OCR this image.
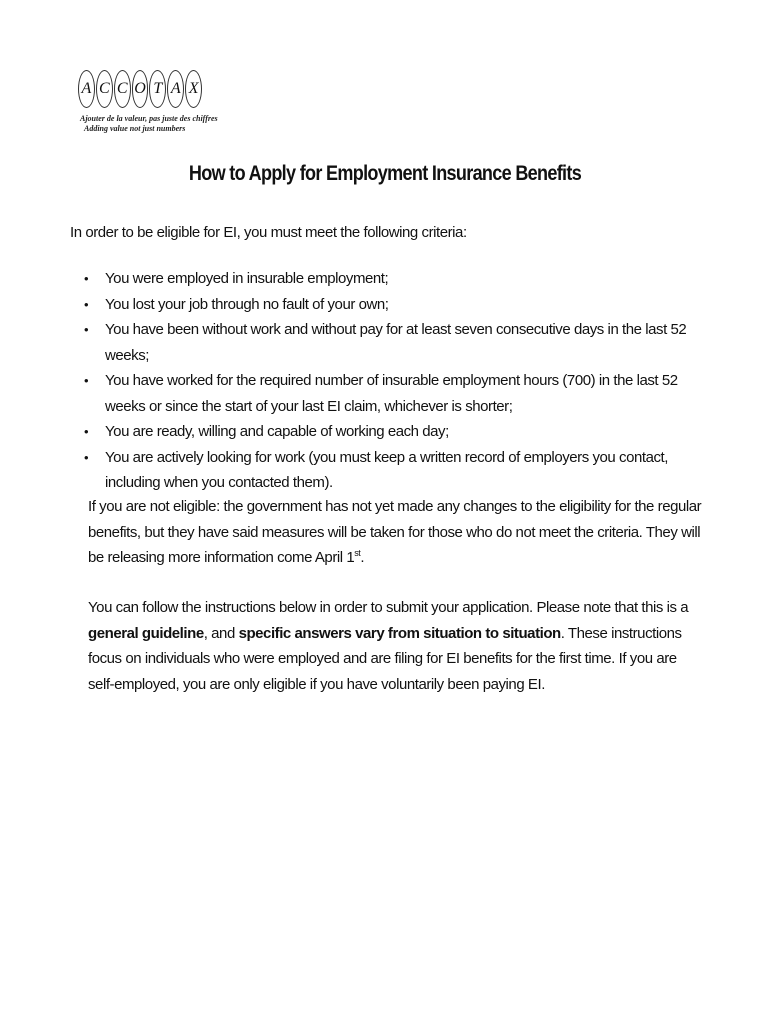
A C C O T A X
Ajouter de la valeur, pas juste des chiffres
Adding value not just numbers
How to Apply for Employment Insurance Benefits

In order to be eligible for EI, you must meet the following criteria:

• You were employed in insurable employment;
• You lost your job through no fault of your own;
• You have been without work and without pay for at least seven consecutive days in the last 52 weeks;
• You have worked for the required number of insurable employment hours (700) in the last 52 weeks or since the start of your last EI claim, whichever is shorter;
• You are ready, willing and capable of working each day;
• You are actively looking for work (you must keep a written record of employers you contact, including when you contacted them).

If you are not eligible: the government has not yet made any changes to the eligibility for the regular benefits, but they have said measures will be taken for those who do not meet the criteria. They will be releasing more information come April 1st.

You can follow the instructions below in order to submit your application. Please note that this is a general guideline, and specific answers vary from situation to situation. These instructions focus on individuals who were employed and are filing for EI benefits for the first time. If you are self-employed, you are only eligible if you have voluntarily been paying EI.
